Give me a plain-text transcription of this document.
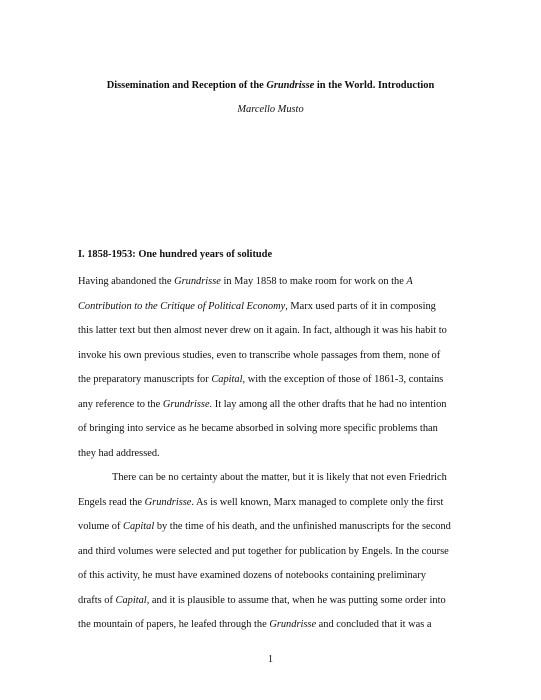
Dissemination and Reception of the Grundrisse in the World. Introduction
Marcello Musto
I. 1858-1953: One hundred years of solitude
Having abandoned the Grundrisse in May 1858 to make room for work on the A
Contribution to the Critique of Political Economy, Marx used parts of it in composing
this latter text but then almost never drew on it again. In fact, although it was his habit to
invoke his own previous studies, even to transcribe whole passages from them, none of
the preparatory manuscripts for Capital, with the exception of those of 1861-3, contains
any reference to the Grundrisse. It lay among all the other drafts that he had no intention
of bringing into service as he became absorbed in solving more specific problems than
they had addressed.
There can be no certainty about the matter, but it is likely that not even Friedrich
Engels read the Grundrisse. As is well known, Marx managed to complete only the first
volume of Capital by the time of his death, and the unfinished manuscripts for the second
and third volumes were selected and put together for publication by Engels. In the course
of this activity, he must have examined dozens of notebooks containing preliminary
drafts of Capital, and it is plausible to assume that, when he was putting some order into
the mountain of papers, he leafed through the Grundrisse and concluded that it was a
1
